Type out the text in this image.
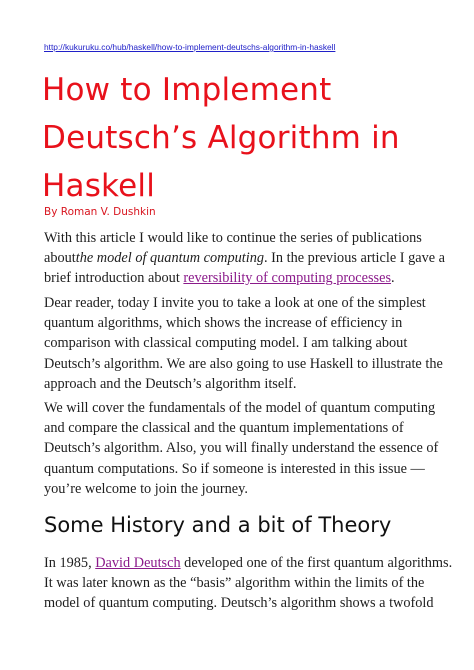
http://kukuruku.co/hub/haskell/how-to-implement-deutschs-algorithm-in-haskell
How to Implement
Deutsch’s Algorithm in
Haskell
By Roman V. Dushkin

With this article I would like to continue the series of publications
aboutthe model of quantum computing. In the previous article I gave a
brief introduction about reversibility of computing processes.

Dear reader, today I invite you to take a look at one of the simplest
quantum algorithms, which shows the increase of efficiency in
comparison with classical computing model. I am talking about
Deutsch’s algorithm. We are also going to use Haskell to illustrate the
approach and the Deutsch’s algorithm itself.

We will cover the fundamentals of the model of quantum computing
and compare the classical and the quantum implementations of
Deutsch’s algorithm. Also, you will finally understand the essence of
quantum computations. So if someone is interested in this issue —
you’re welcome to join the journey.

Some History and a bit of Theory

In 1985, David Deutsch developed one of the first quantum algorithms.
It was later known as the “basis” algorithm within the limits of the
model of quantum computing. Deutsch’s algorithm shows a twofold
